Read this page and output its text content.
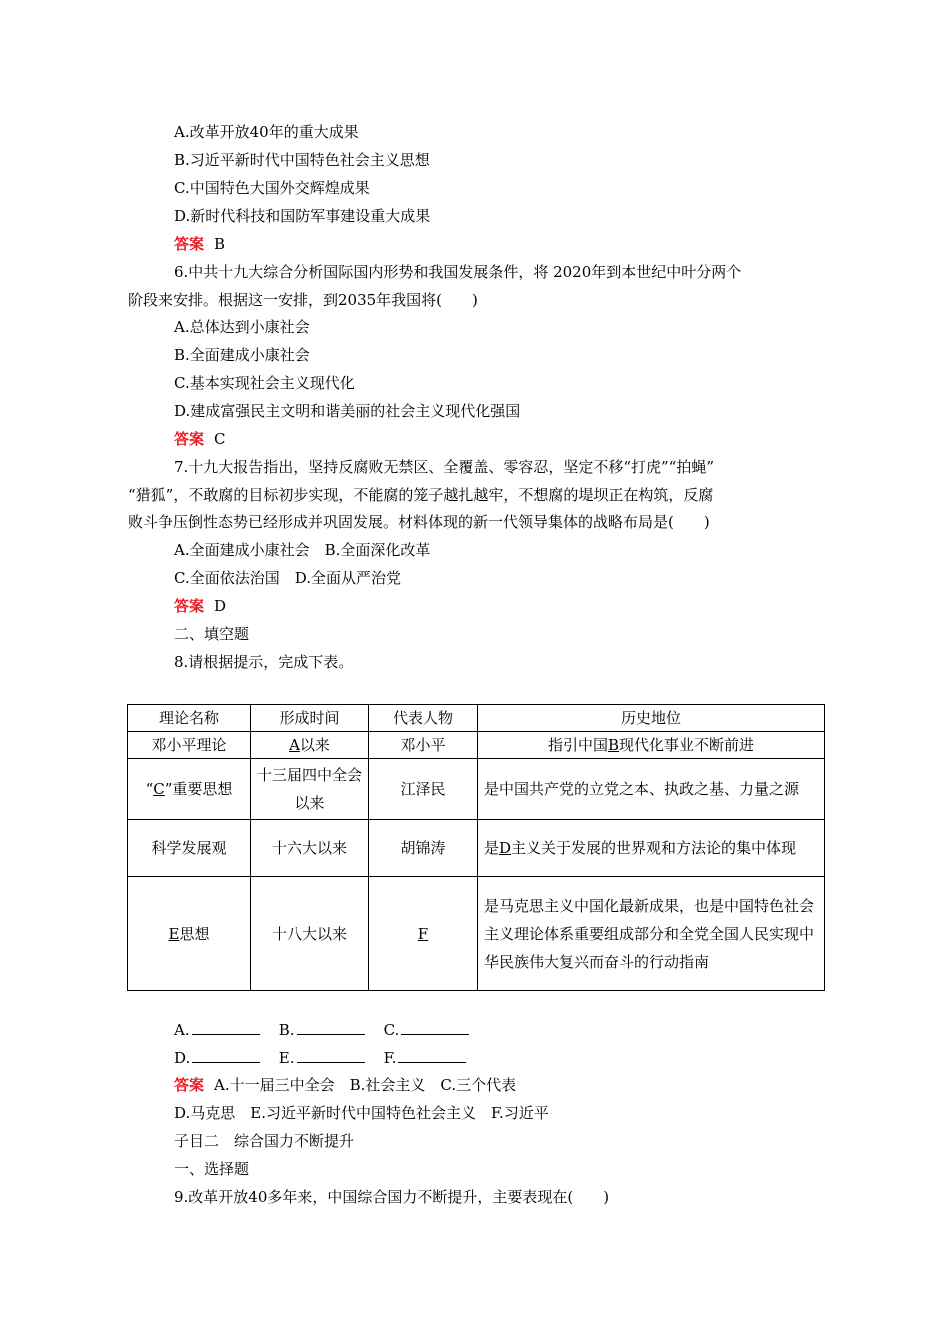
A.改革开放40年的重大成果
B.习近平新时代中国特色社会主义思想
C.中国特色大国外交辉煌成果
D.新时代科技和国防军事建设重大成果
答案 B
6.中共十九大综合分析国际国内形势和我国发展条件，将 2020年到本世纪中叶分两个
阶段来安排。根据这一安排，到2035年我国将(　　)
A.总体达到小康社会
B.全面建成小康社会
C.基本实现社会主义现代化
D.建成富强民主文明和谐美丽的社会主义现代化强国
答案 C
7.十九大报告指出，坚持反腐败无禁区、全覆盖、零容忍，坚定不移“打虎”“拍蝇”
“猎狐”，不敢腐的目标初步实现，不能腐的笼子越扎越牢，不想腐的堤坝正在构筑，反腐
败斗争压倒性态势已经形成并巩固发展。材料体现的新一代领导集体的战略布局是(　　)
A.全面建成小康社会　B.全面深化改革
C.全面依法治国　D.全面从严治党
答案 D
二、填空题
8.请根据提示，完成下表。
理论名称	形成时间	代表人物	历史地位
邓小平理论	A以来	邓小平	指引中国B现代化事业不断前进
“C”重要思想	十三届四中全会以来	江泽民	是中国共产党的立党之本、执政之基、力量之源
科学发展观	十六大以来	胡锦涛	是D主义关于发展的世界观和方法论的集中体现
E思想	十八大以来	F	是马克思主义中国化最新成果，也是中国特色社会主义理论体系重要组成部分和全党全国人民实现中华民族伟大复兴而奋斗的行动指南
A.	B.	C.
D.	E.	F.
答案 A.十一届三中全会　B.社会主义　C.三个代表
D.马克思　E.习近平新时代中国特色社会主义　F.习近平
子目二　综合国力不断提升
一、选择题
9.改革开放40多年来，中国综合国力不断提升，主要表现在(　　)
